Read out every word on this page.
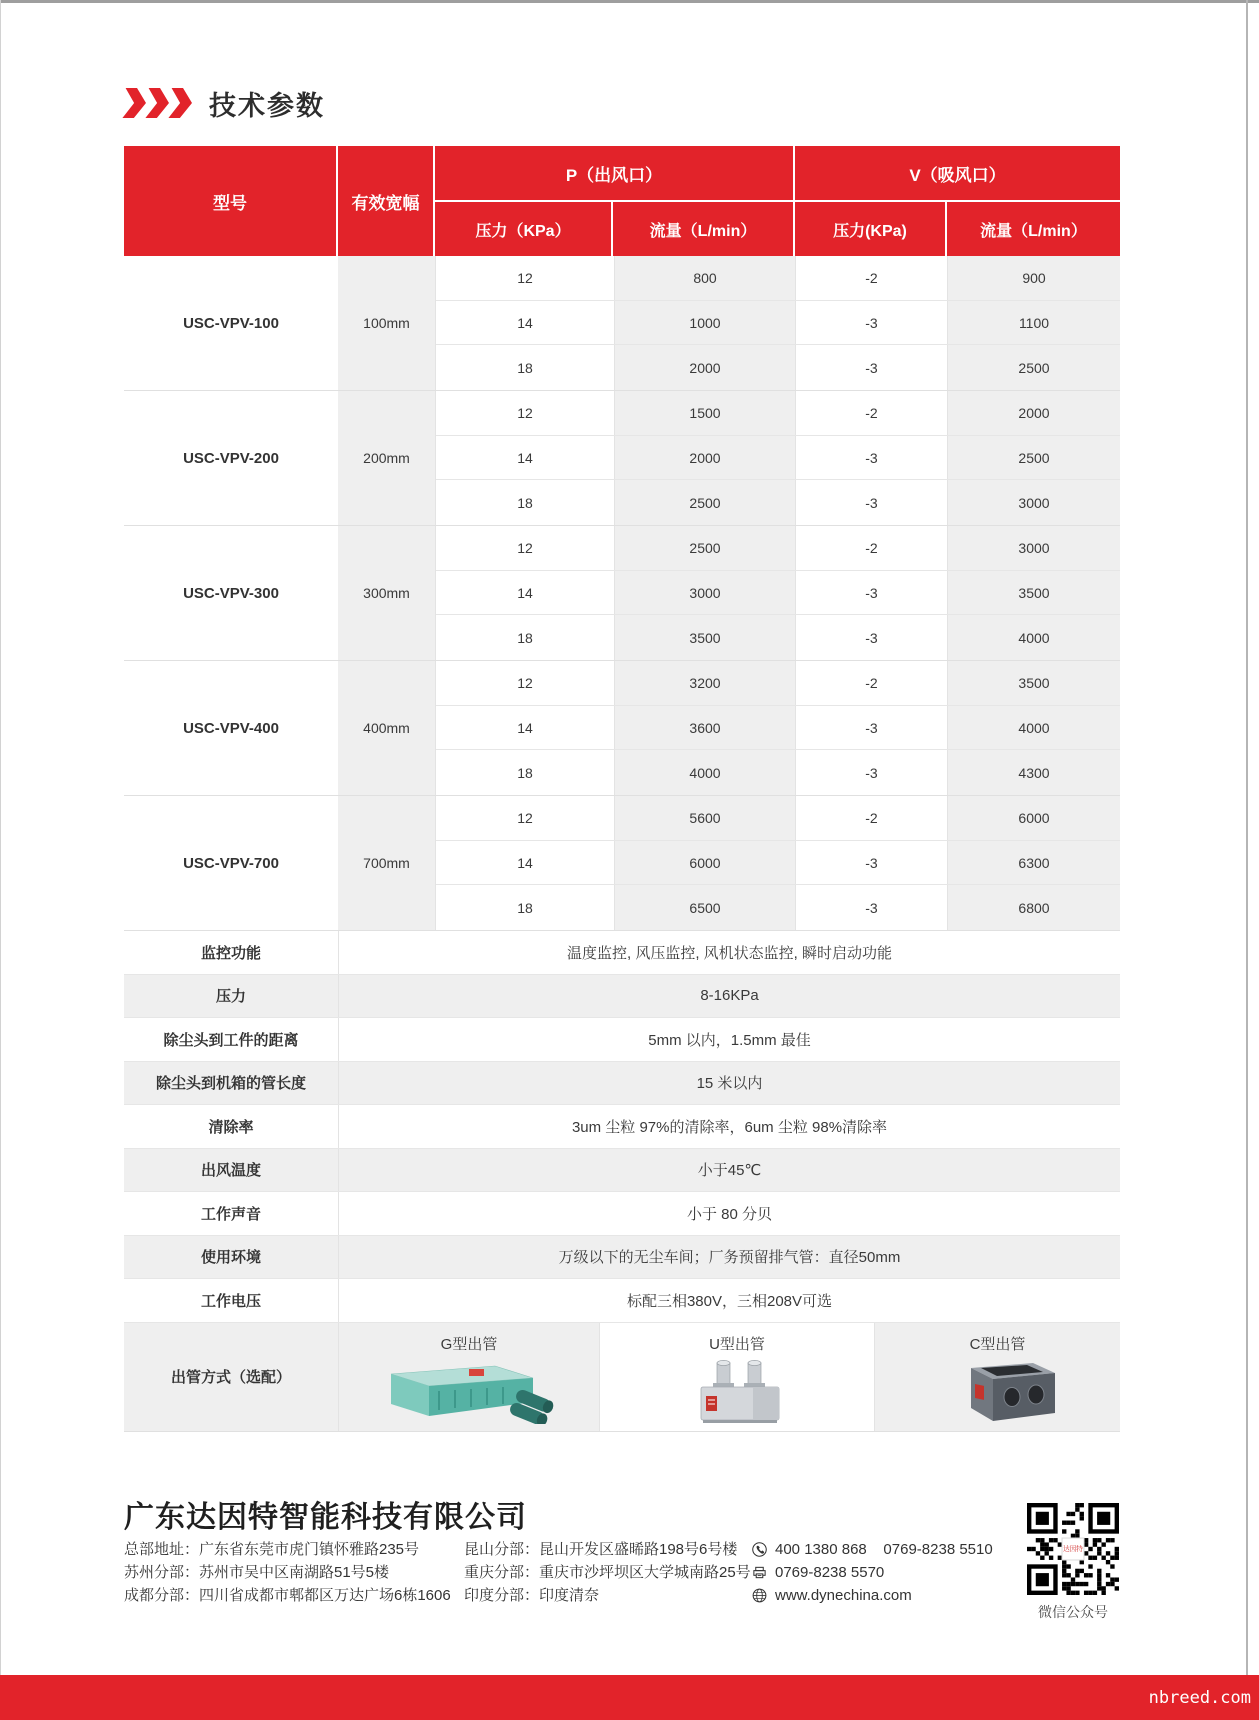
技术参数
型号	有效宽幅
P（出风口）
压力（KPa）	流量（L/min）
V（吸风口）
压力(KPa)	流量（L/min）
USC-VPV-100	100mm
12	800	-2	900
14	1000	-3	1100
18	2000	-3	2500
USC-VPV-200	200mm
12	1500	-2	2000
14	2000	-3	2500
18	2500	-3	3000
USC-VPV-300	300mm
12	2500	-2	3000
14	3000	-3	3500
18	3500	-3	4000
USC-VPV-400	400mm
12	3200	-2	3500
14	3600	-3	4000
18	4000	-3	4300
USC-VPV-700	700mm
12	5600	-2	6000
14	6000	-3	6300
18	6500	-3	6800
监控功能	温度监控, 风压监控, 风机状态监控, 瞬时启动功能
压力	8-16KPa
除尘头到工件的距离	5mm 以内，1.5mm 最佳
除尘头到机箱的管长度	15 米以内
清除率	3um 尘粒 97%的清除率，6um 尘粒 98%清除率
出风温度	小于45℃
工作声音	小于 80 分贝
使用环境	万级以下的无尘车间；厂务预留排气管：直径50mm
工作电压	标配三相380V，三相208V可选
出管方式（选配）
G型出管	U型出管	C型出管
广东达因特智能科技有限公司
总部地址：广东省东莞市虎门镇怀雅路235号
苏州分部：苏州市吴中区南湖路51号5楼
成都分部：四川省成都市郫都区万达广场6栋1606
昆山分部：昆山开发区盛晞路198号6号楼
重庆分部：重庆市沙坪坝区大学城南路25号
印度分部：印度清奈
400 1380 868    0769-8238 5510
0769-8238 5570
www.dynechina.com
达因特
微信公众号
nbreed.com
